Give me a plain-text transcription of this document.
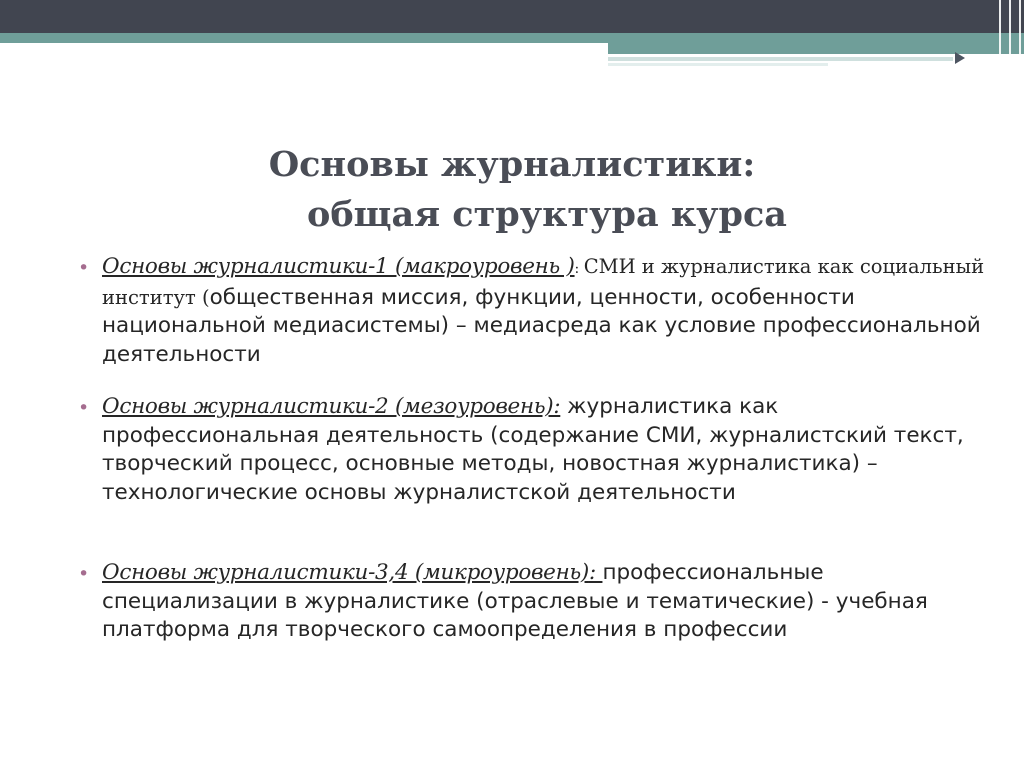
Основы журналистики:
общая структура курса
• Основы журналистики-1 (макроуровень ): СМИ и журналистика как социальный институт (общественная миссия, функции, ценности, особенности национальной медиасистемы) – медиасреда как условие профессиональной деятельности
• Основы журналистики-2 (мезоуровень): журналистика как профессиональная деятельность (содержание СМИ, журналистский текст, творческий процесс, основные методы, новостная журналистика) – технологические основы журналистской деятельности
• Основы журналистики-3,4 (микроуровень): профессиональные специализации в журналистике (отраслевые и тематические) - учебная платформа для творческого самоопределения в профессии
